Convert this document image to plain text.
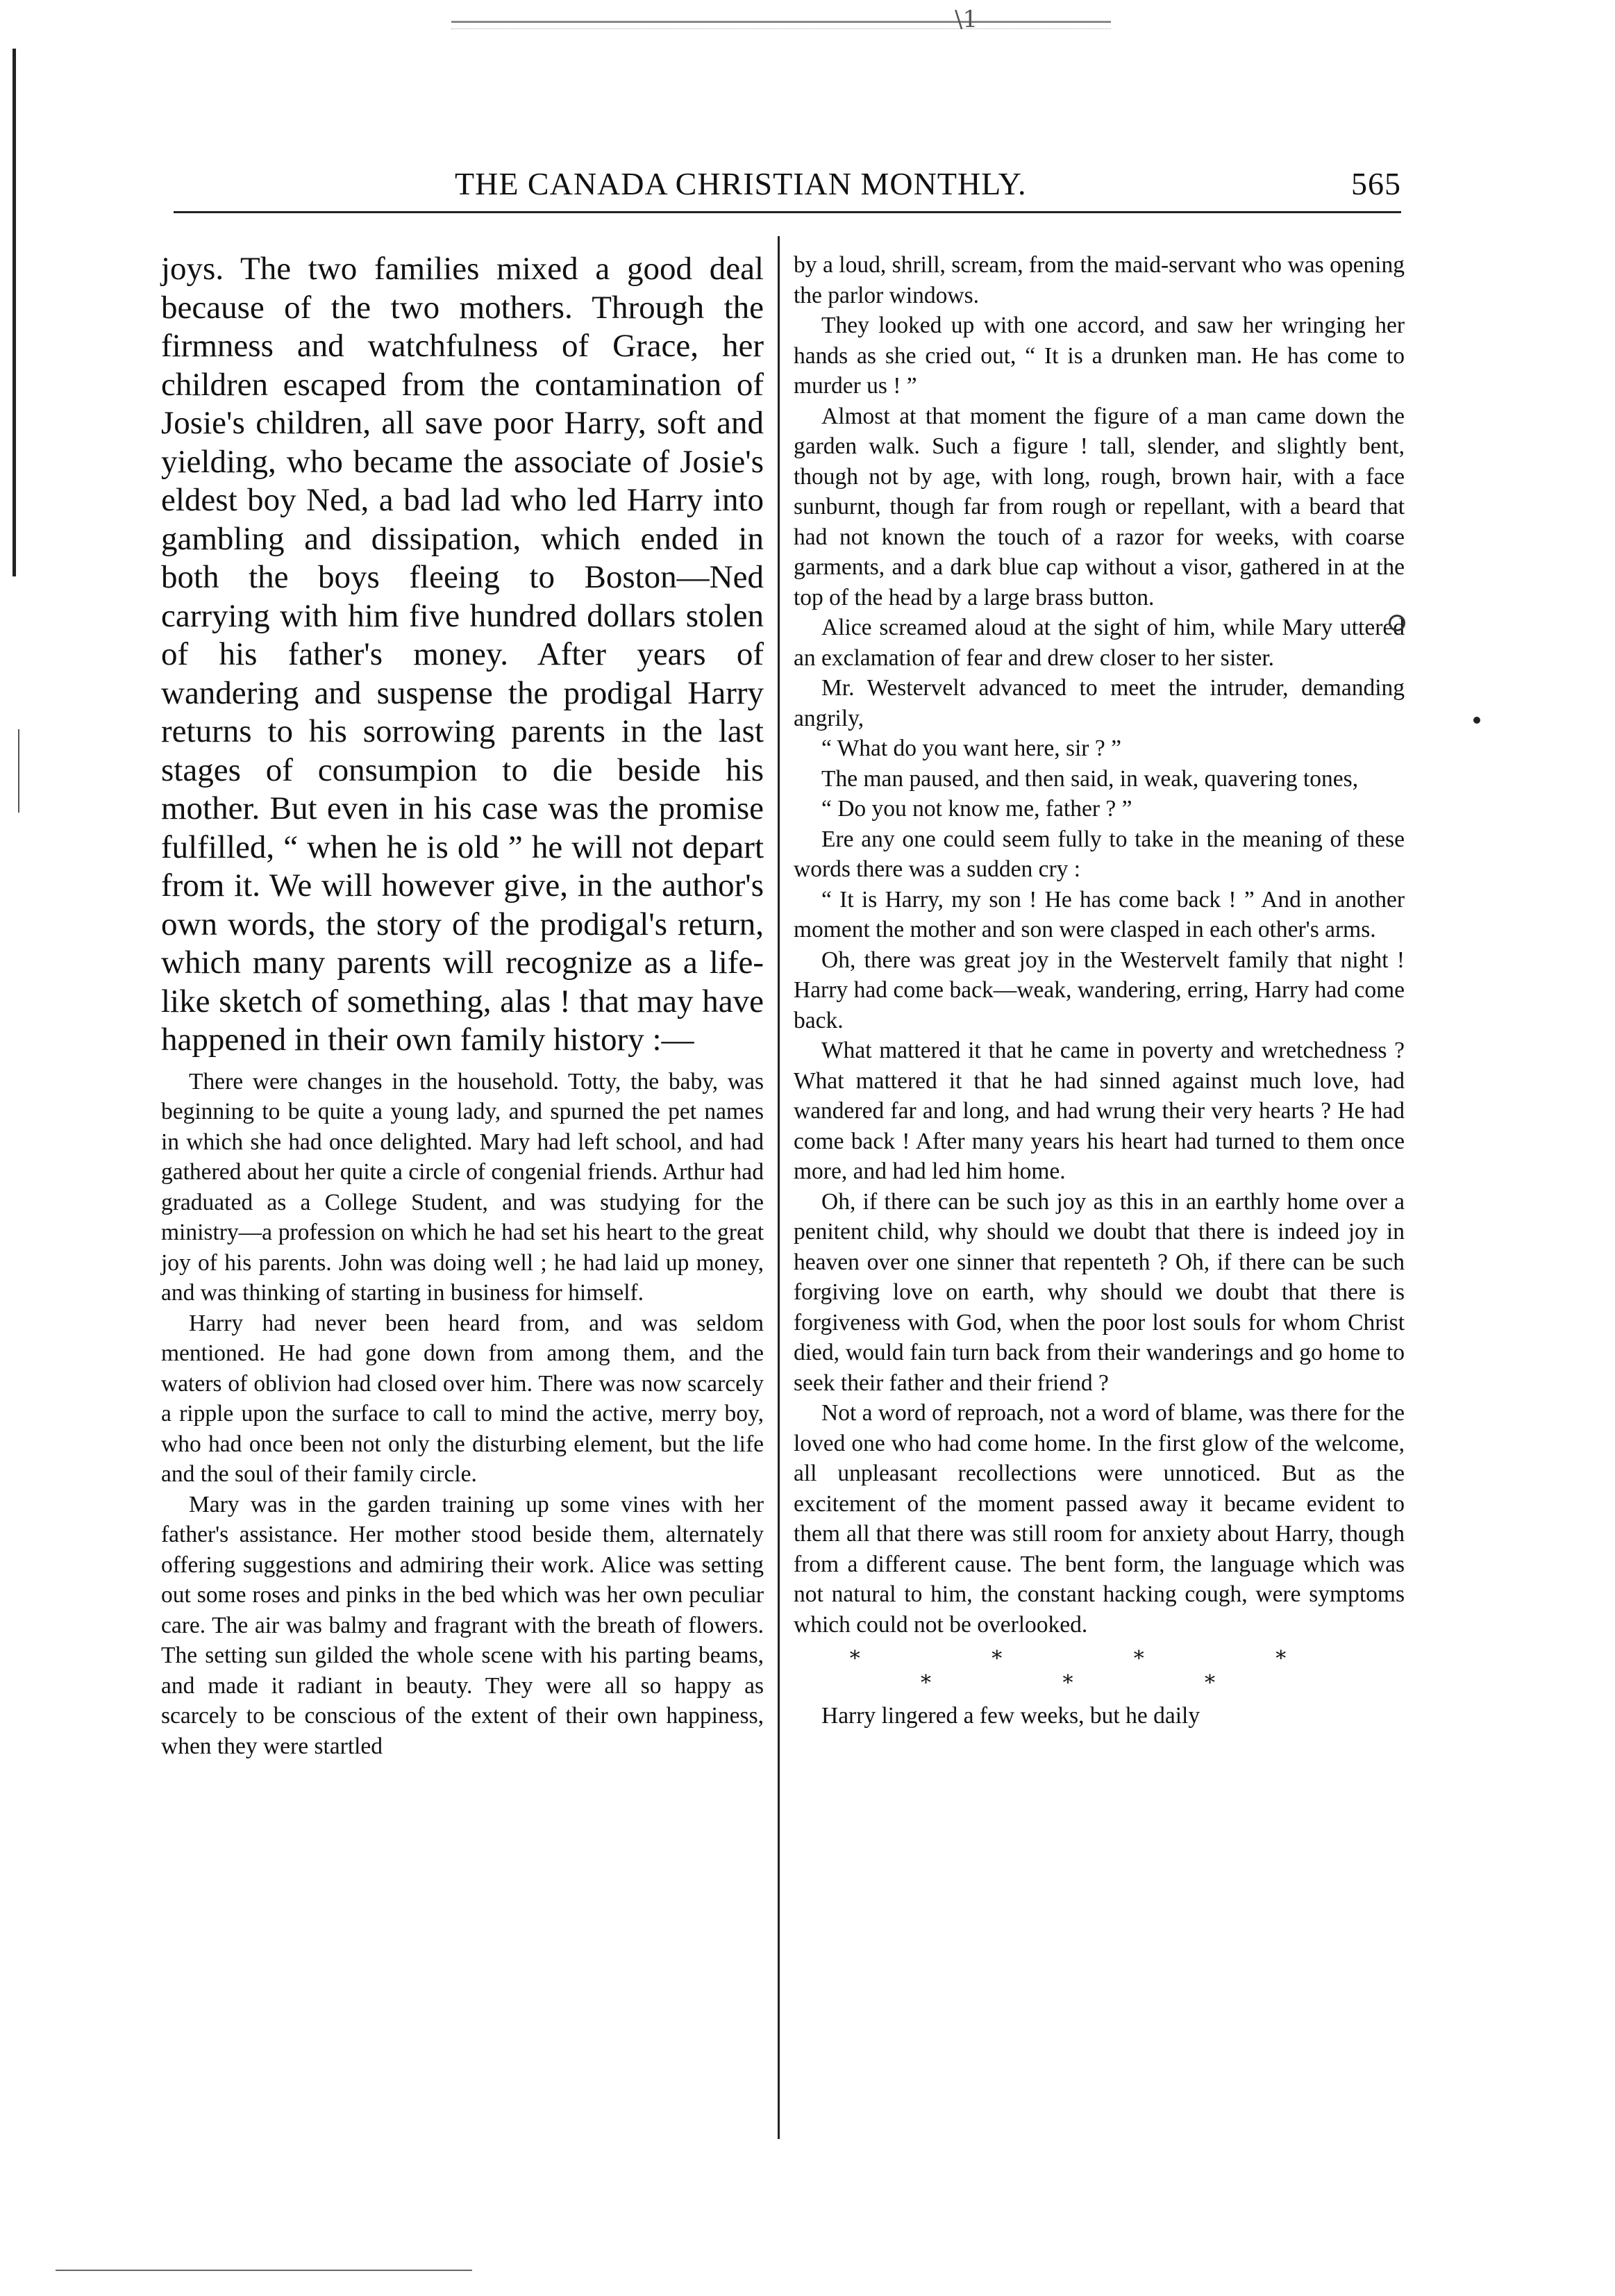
\1
THE CANADA CHRISTIAN MONTHLY.	565

joys. The two families mixed a good deal because of the two mothers. Through the firmness and watchfulness of Grace, her children escaped from the contamination of Josie's children, all save poor Harry, soft and yielding, who became the associate of Josie's eldest boy Ned, a bad lad who led Harry into gambling and dissipation, which ended in both the boys fleeing to Boston—Ned carrying with him five hundred dollars stolen of his father's money. After years of wandering and suspense the prodigal Harry returns to his sorrowing parents in the last stages of consumpion to die beside his mother. But even in his case was the promise fulfilled, “ when he is old ” he will not depart from it. We will however give, in the author's own words, the story of the prodigal's return, which many parents will recognize as a life-like sketch of something, alas ! that may have happened in their own family history :—

There were changes in the household. Totty, the baby, was beginning to be quite a young lady, and spurned the pet names in which she had once delighted. Mary had left school, and had gathered about her quite a circle of congenial friends. Arthur had graduated as a College Student, and was studying for the ministry—a profession on which he had set his heart to the great joy of his parents. John was doing well ; he had laid up money, and was thinking of starting in business for himself.

Harry had never been heard from, and was seldom mentioned. He had gone down from among them, and the waters of oblivion had closed over him. There was now scarcely a ripple upon the surface to call to mind the active, merry boy, who had once been not only the disturbing element, but the life and the soul of their family circle.

Mary was in the garden training up some vines with her father's assistance. Her mother stood beside them, alternately offering suggestions and admiring their work. Alice was setting out some roses and pinks in the bed which was her own peculiar care. The air was balmy and fragrant with the breath of flowers. The setting sun gilded the whole scene with his parting beams, and made it radiant in beauty. They were all so happy as scarcely to be conscious of the extent of their own happiness, when they were startled

by a loud, shrill, scream, from the maid-servant who was opening the parlor windows.

They looked up with one accord, and saw her wringing her hands as she cried out, “ It is a drunken man. He has come to murder us ! ”

Almost at that moment the figure of a man came down the garden walk. Such a figure ! tall, slender, and slightly bent, though not by age, with long, rough, brown hair, with a face sunburnt, though far from rough or repellant, with a beard that had not known the touch of a razor for weeks, with coarse garments, and a dark blue cap without a visor, gathered in at the top of the head by a large brass button.

Alice screamed aloud at the sight of him, while Mary uttered an exclamation of fear and drew closer to her sister.

Mr. Westervelt advanced to meet the intruder, demanding angrily,

“ What do you want here, sir ? ”

The man paused, and then said, in weak, quavering tones,

“ Do you not know me, father ? ”

Ere any one could seem fully to take in the meaning of these words there was a sudden cry :

“ It is Harry, my son ! He has come back ! ” And in another moment the mother and son were clasped in each other's arms.

Oh, there was great joy in the Westervelt family that night ! Harry had come back—weak, wandering, erring, Harry had come back.

What mattered it that he came in poverty and wretchedness ? What mattered it that he had sinned against much love, had wandered far and long, and had wrung their very hearts ? He had come back ! After many years his heart had turned to them once more, and had led him home.

Oh, if there can be such joy as this in an earthly home over a penitent child, why should we doubt that there is indeed joy in heaven over one sinner that repenteth ? Oh, if there can be such forgiving love on earth, why should we doubt that there is forgiveness with God, when the poor lost souls for whom Christ died, would fain turn back from their wanderings and go home to seek their father and their friend ?

Not a word of reproach, not a word of blame, was there for the loved one who had come home. In the first glow of the welcome, all unpleasant recollections were unnoticed. But as the excitement of the moment passed away it became evident to them all that there was still room for anxiety about Harry, though from a different cause. The bent form, the language which was not natural to him, the constant hacking cough, were symptoms which could not be overlooked.

* * * * * * *

Harry lingered a few weeks, but he daily
